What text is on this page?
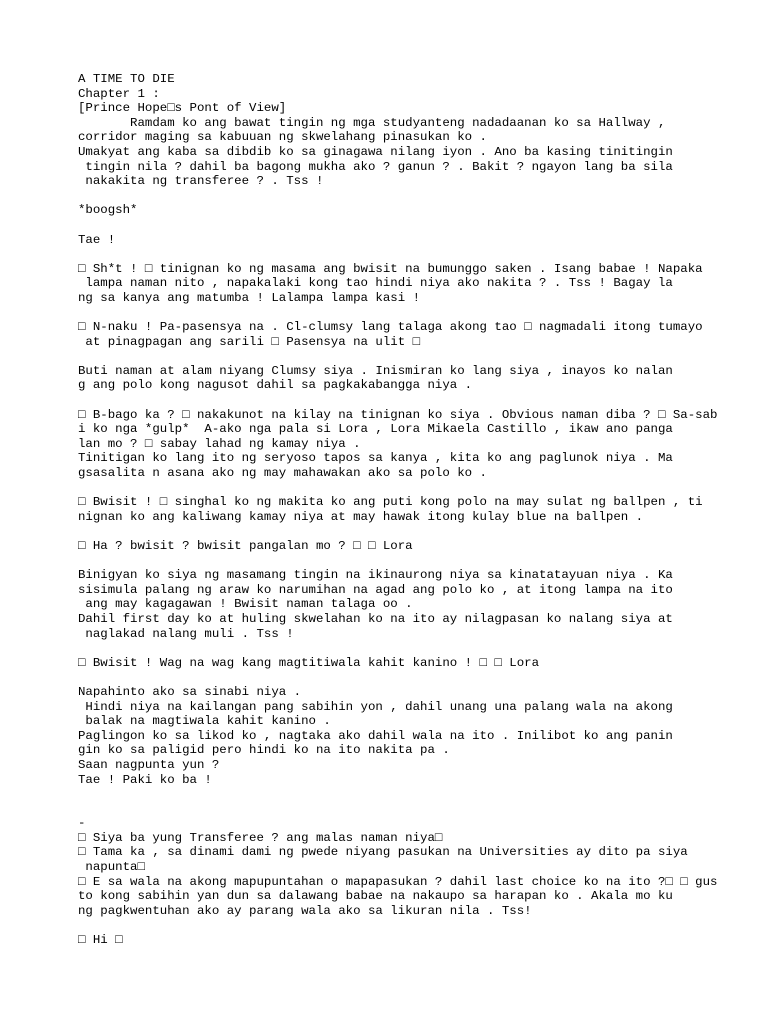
A TIME TO DIE
Chapter 1 :
[Prince Hope□s Pont of View]
Ramdam ko ang bawat tingin ng mga studyanteng nadadaanan ko sa Hallway ,
corridor maging sa kabuuan ng skwelahang pinasukan ko .
Umakyat ang kaba sa dibdib ko sa ginagawa nilang iyon . Ano ba kasing tinitingin
tingin nila ? dahil ba bagong mukha ako ? ganun ? . Bakit ? ngayon lang ba sila
nakakita ng transferee ? . Tss !
*boogsh*
Tae !
□ Sh*t ! □ tinignan ko ng masama ang bwisit na bumunggo saken . Isang babae ! Napaka
lampa naman nito , napakalaki kong tao hindi niya ako nakita ? . Tss ! Bagay la
ng sa kanya ang matumba ! Lalampa lampa kasi !
□ N-naku ! Pa-pasensya na . Cl-clumsy lang talaga akong tao □ nagmadali itong tumayo
at pinagpagan ang sarili □ Pasensya na ulit □
Buti naman at alam niyang Clumsy siya . Inismiran ko lang siya , inayos ko nalan
g ang polo kong nagusot dahil sa pagkakabangga niya .
□ B-bago ka ? □ nakakunot na kilay na tinignan ko siya . Obvious naman diba ? □ Sa-sab
i ko nga *gulp*  A-ako nga pala si Lora , Lora Mikaela Castillo , ikaw ano panga
lan mo ? □ sabay lahad ng kamay niya .
Tinitigan ko lang ito ng seryoso tapos sa kanya , kita ko ang paglunok niya . Ma
gsasalita n asana ako ng may mahawakan ako sa polo ko .
□ Bwisit ! □ singhal ko ng makita ko ang puti kong polo na may sulat ng ballpen , ti
nignan ko ang kaliwang kamay niya at may hawak itong kulay blue na ballpen .
□ Ha ? bwisit ? bwisit pangalan mo ? □ □ Lora
Binigyan ko siya ng masamang tingin na ikinaurong niya sa kinatatayuan niya . Ka
sisimula palang ng araw ko narumihan na agad ang polo ko , at itong lampa na ito
ang may kagagawan ! Bwisit naman talaga oo .
Dahil first day ko at huling skwelahan ko na ito ay nilagpasan ko nalang siya at
naglakad nalang muli . Tss !
□ Bwisit ! Wag na wag kang magtitiwala kahit kanino ! □ □ Lora
Napahinto ako sa sinabi niya .
Hindi niya na kailangan pang sabihin yon , dahil unang una palang wala na akong
balak na magtiwala kahit kanino .
Paglingon ko sa likod ko , nagtaka ako dahil wala na ito . Inilibot ko ang panin
gin ko sa paligid pero hindi ko na ito nakita pa .
Saan nagpunta yun ?
Tae ! Paki ko ba !
-
□ Siya ba yung Transferee ? ang malas naman niya□
□ Tama ka , sa dinami dami ng pwede niyang pasukan na Universities ay dito pa siya
napunta□
□ E sa wala na akong mapupuntahan o mapapasukan ? dahil last choice ko na ito ?□ □ gus
to kong sabihin yan dun sa dalawang babae na nakaupo sa harapan ko . Akala mo ku
ng pagkwentuhan ako ay parang wala ako sa likuran nila . Tss!
□ Hi □
